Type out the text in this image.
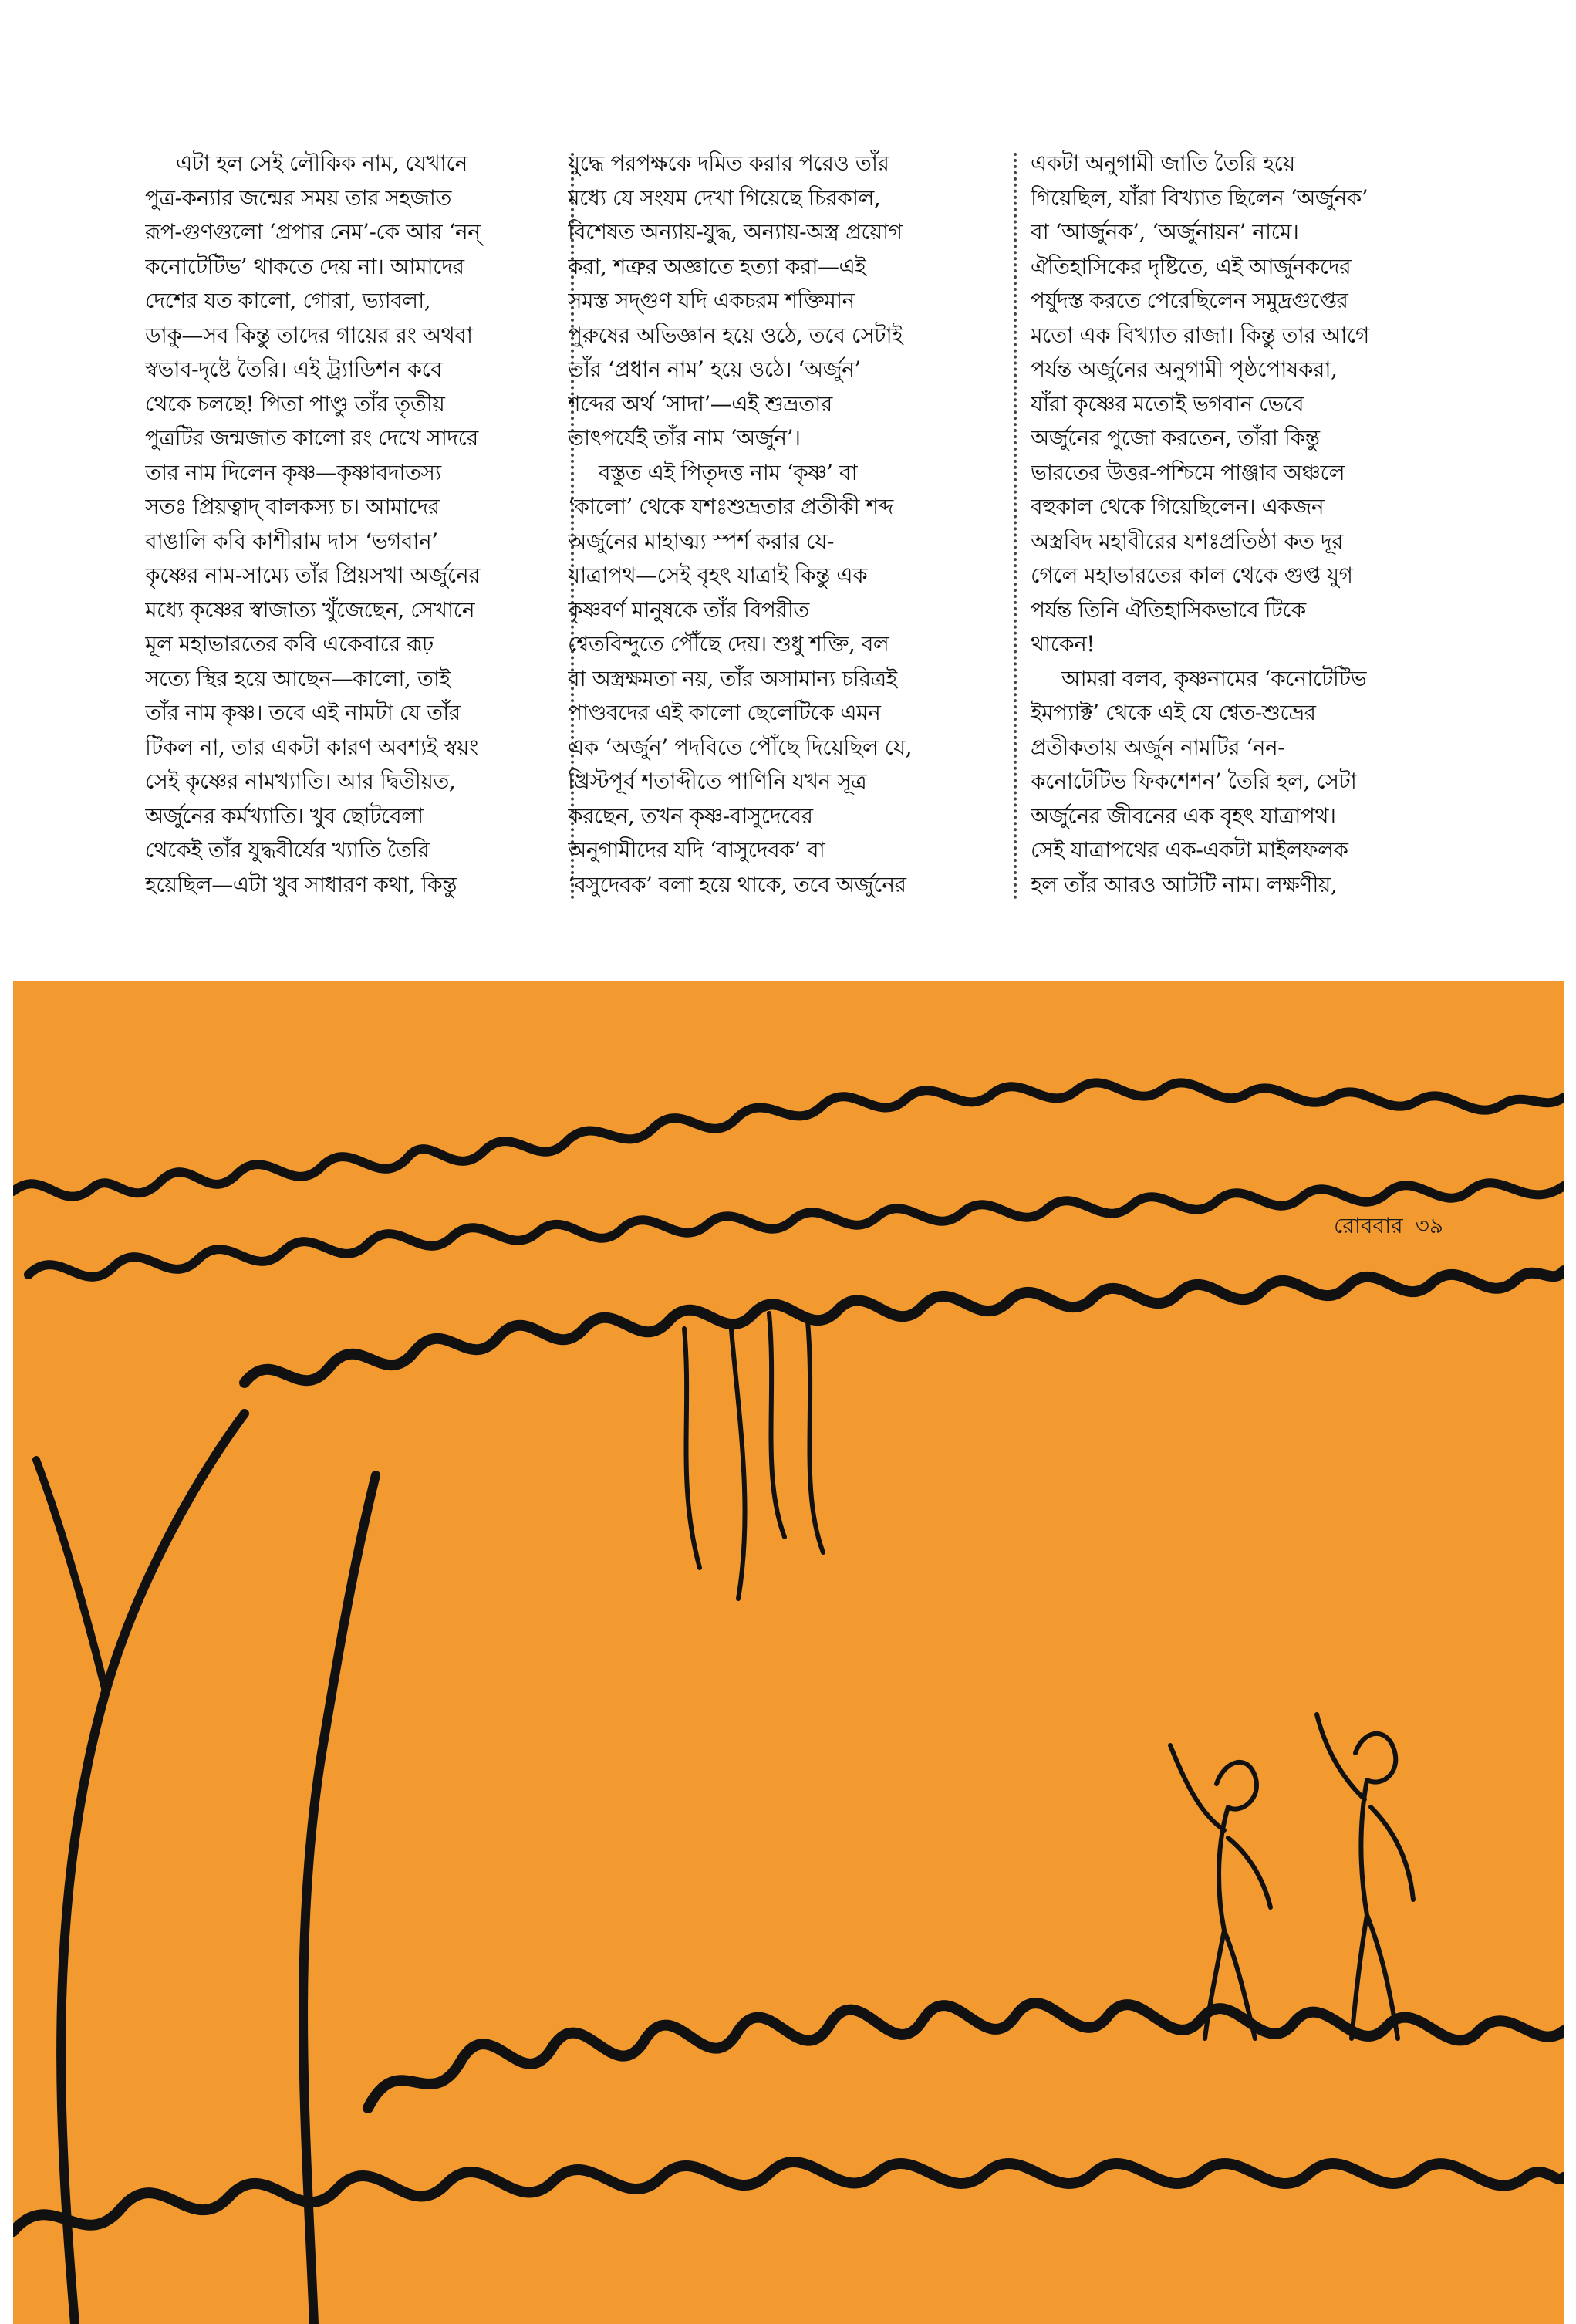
এটা হল সেই লৌকিক নাম, যেখানে

পুত্র-কন্যার জন্মের সময় তার সহজাত

রূপ-গুণগুলো ‘প্রপার নেম’-কে আর ‘নন্

কনোটেটিভ’ থাকতে দেয় না। আমাদের

দেশের যত কালো, গোরা, ভ্যাবলা,

ডাকু—সব কিন্তু তাদের গায়ের রং অথবা

স্বভাব-দৃষ্টে তৈরি। এই ট্র্যাডিশন কবে

থেকে চলছে! পিতা পাণ্ডু তাঁর তৃতীয়

পুত্রটির জন্মজাত কালো রং দেখে সাদরে

তার নাম দিলেন কৃষ্ণ—কৃষ্ণাবদাতস্য

সতঃ প্রিয়ত্বাদ্ বালকস্য চ। আমাদের

বাঙালি কবি কাশীরাম দাস ‘ভগবান’

কৃষ্ণের নাম-সাম্যে তাঁর প্রিয়সখা অর্জুনের

মধ্যে কৃষ্ণের স্বাজাত্য খুঁজেছেন, সেখানে

মূল মহাভারতের কবি একেবারে রূঢ়

সত্যে স্থির হয়ে আছেন—কালো, তাই

তাঁর নাম কৃষ্ণ। তবে এই নামটা যে তাঁর

টিকল না, তার একটা কারণ অবশ্যই স্বয়ং

সেই কৃষ্ণের নামখ্যাতি। আর দ্বিতীয়ত,

অর্জুনের কর্মখ্যাতি। খুব ছোটবেলা

থেকেই তাঁর যুদ্ধবীর্যের খ্যাতি তৈরি

হয়েছিল—এটা খুব সাধারণ কথা, কিন্তু

যুদ্ধে পরপক্ষকে দমিত করার পরেও তাঁর

মধ্যে যে সংযম দেখা গিয়েছে চিরকাল,

বিশেষত অন্যায়-যুদ্ধ, অন্যায়-অস্ত্র প্রয়োগ

করা, শত্রুর অজ্ঞাতে হত্যা করা—এই

সমস্ত সদ্গুণ যদি একচরম শক্তিমান

পুরুষের অভিজ্ঞান হয়ে ওঠে, তবে সেটাই

তাঁর ‘প্রধান নাম’ হয়ে ওঠে। ‘অর্জুন’

শব্দের অর্থ ‘সাদা’—এই শুভ্রতার

তাৎপর্যেই তাঁর নাম ‘অর্জুন’।

বস্তুত এই পিতৃদত্ত নাম ‘কৃষ্ণ’ বা

‘কালো’ থেকে যশঃশুভ্রতার প্রতীকী শব্দ

অর্জুনের মাহাত্ম্য স্পর্শ করার যে-

যাত্রাপথ—সেই বৃহৎ যাত্রাই কিন্তু এক

কৃষ্ণবর্ণ মানুষকে তাঁর বিপরীত

শ্বেতবিন্দুতে পৌঁছে দেয়। শুধু শক্তি, বল

বা অস্ত্রক্ষমতা নয়, তাঁর অসামান্য চরিত্রই

পাণ্ডবদের এই কালো ছেলেটিকে এমন

এক ‘অর্জুন’ পদবিতে পৌঁছে দিয়েছিল যে,

খ্রিস্টপূর্ব শতাব্দীতে পাণিনি যখন সূত্র

করছেন, তখন কৃষ্ণ-বাসুদেবের

অনুগামীদের যদি ‘বাসুদেবক’ বা

‘বসুদেবক’ বলা হয়ে থাকে, তবে অর্জুনের

একটা অনুগামী জাতি তৈরি হয়ে

গিয়েছিল, যাঁরা বিখ্যাত ছিলেন ‘অর্জুনক’

বা ‘আর্জুনক’, ‘অর্জুনায়ন’ নামে।

ঐতিহাসিকের দৃষ্টিতে, এই আর্জুনকদের

পর্যুদস্ত করতে পেরেছিলেন সমুদ্রগুপ্তের

মতো এক বিখ্যাত রাজা। কিন্তু তার আগে

পর্যন্ত অর্জুনের অনুগামী পৃষ্ঠপোষকরা,

যাঁরা কৃষ্ণের মতোই ভগবান ভেবে

অর্জুনের পুজো করতেন, তাঁরা কিন্তু

ভারতের উত্তর-পশ্চিমে পাঞ্জাব অঞ্চলে

বহুকাল থেকে গিয়েছিলেন। একজন

অস্ত্রবিদ মহাবীরের যশঃপ্রতিষ্ঠা কত দূর

গেলে মহাভারতের কাল থেকে গুপ্ত যুগ

পর্যন্ত তিনি ঐতিহাসিকভাবে টিকে

থাকেন!

আমরা বলব, কৃষ্ণনামের ‘কনোটেটিভ

ইমপ্যাক্ট’ থেকে এই যে শ্বেত-শুভ্রের

প্রতীকতায় অর্জুন নামটির ‘নন-

কনোটেটিভ ফিকশেশন’ তৈরি হল, সেটা

অর্জুনের জীবনের এক বৃহৎ যাত্রাপথ।

সেই যাত্রাপথের এক-একটা মাইলফলক

হল তাঁর আরও আটটি নাম। লক্ষণীয়,

রোববার ৩৯
